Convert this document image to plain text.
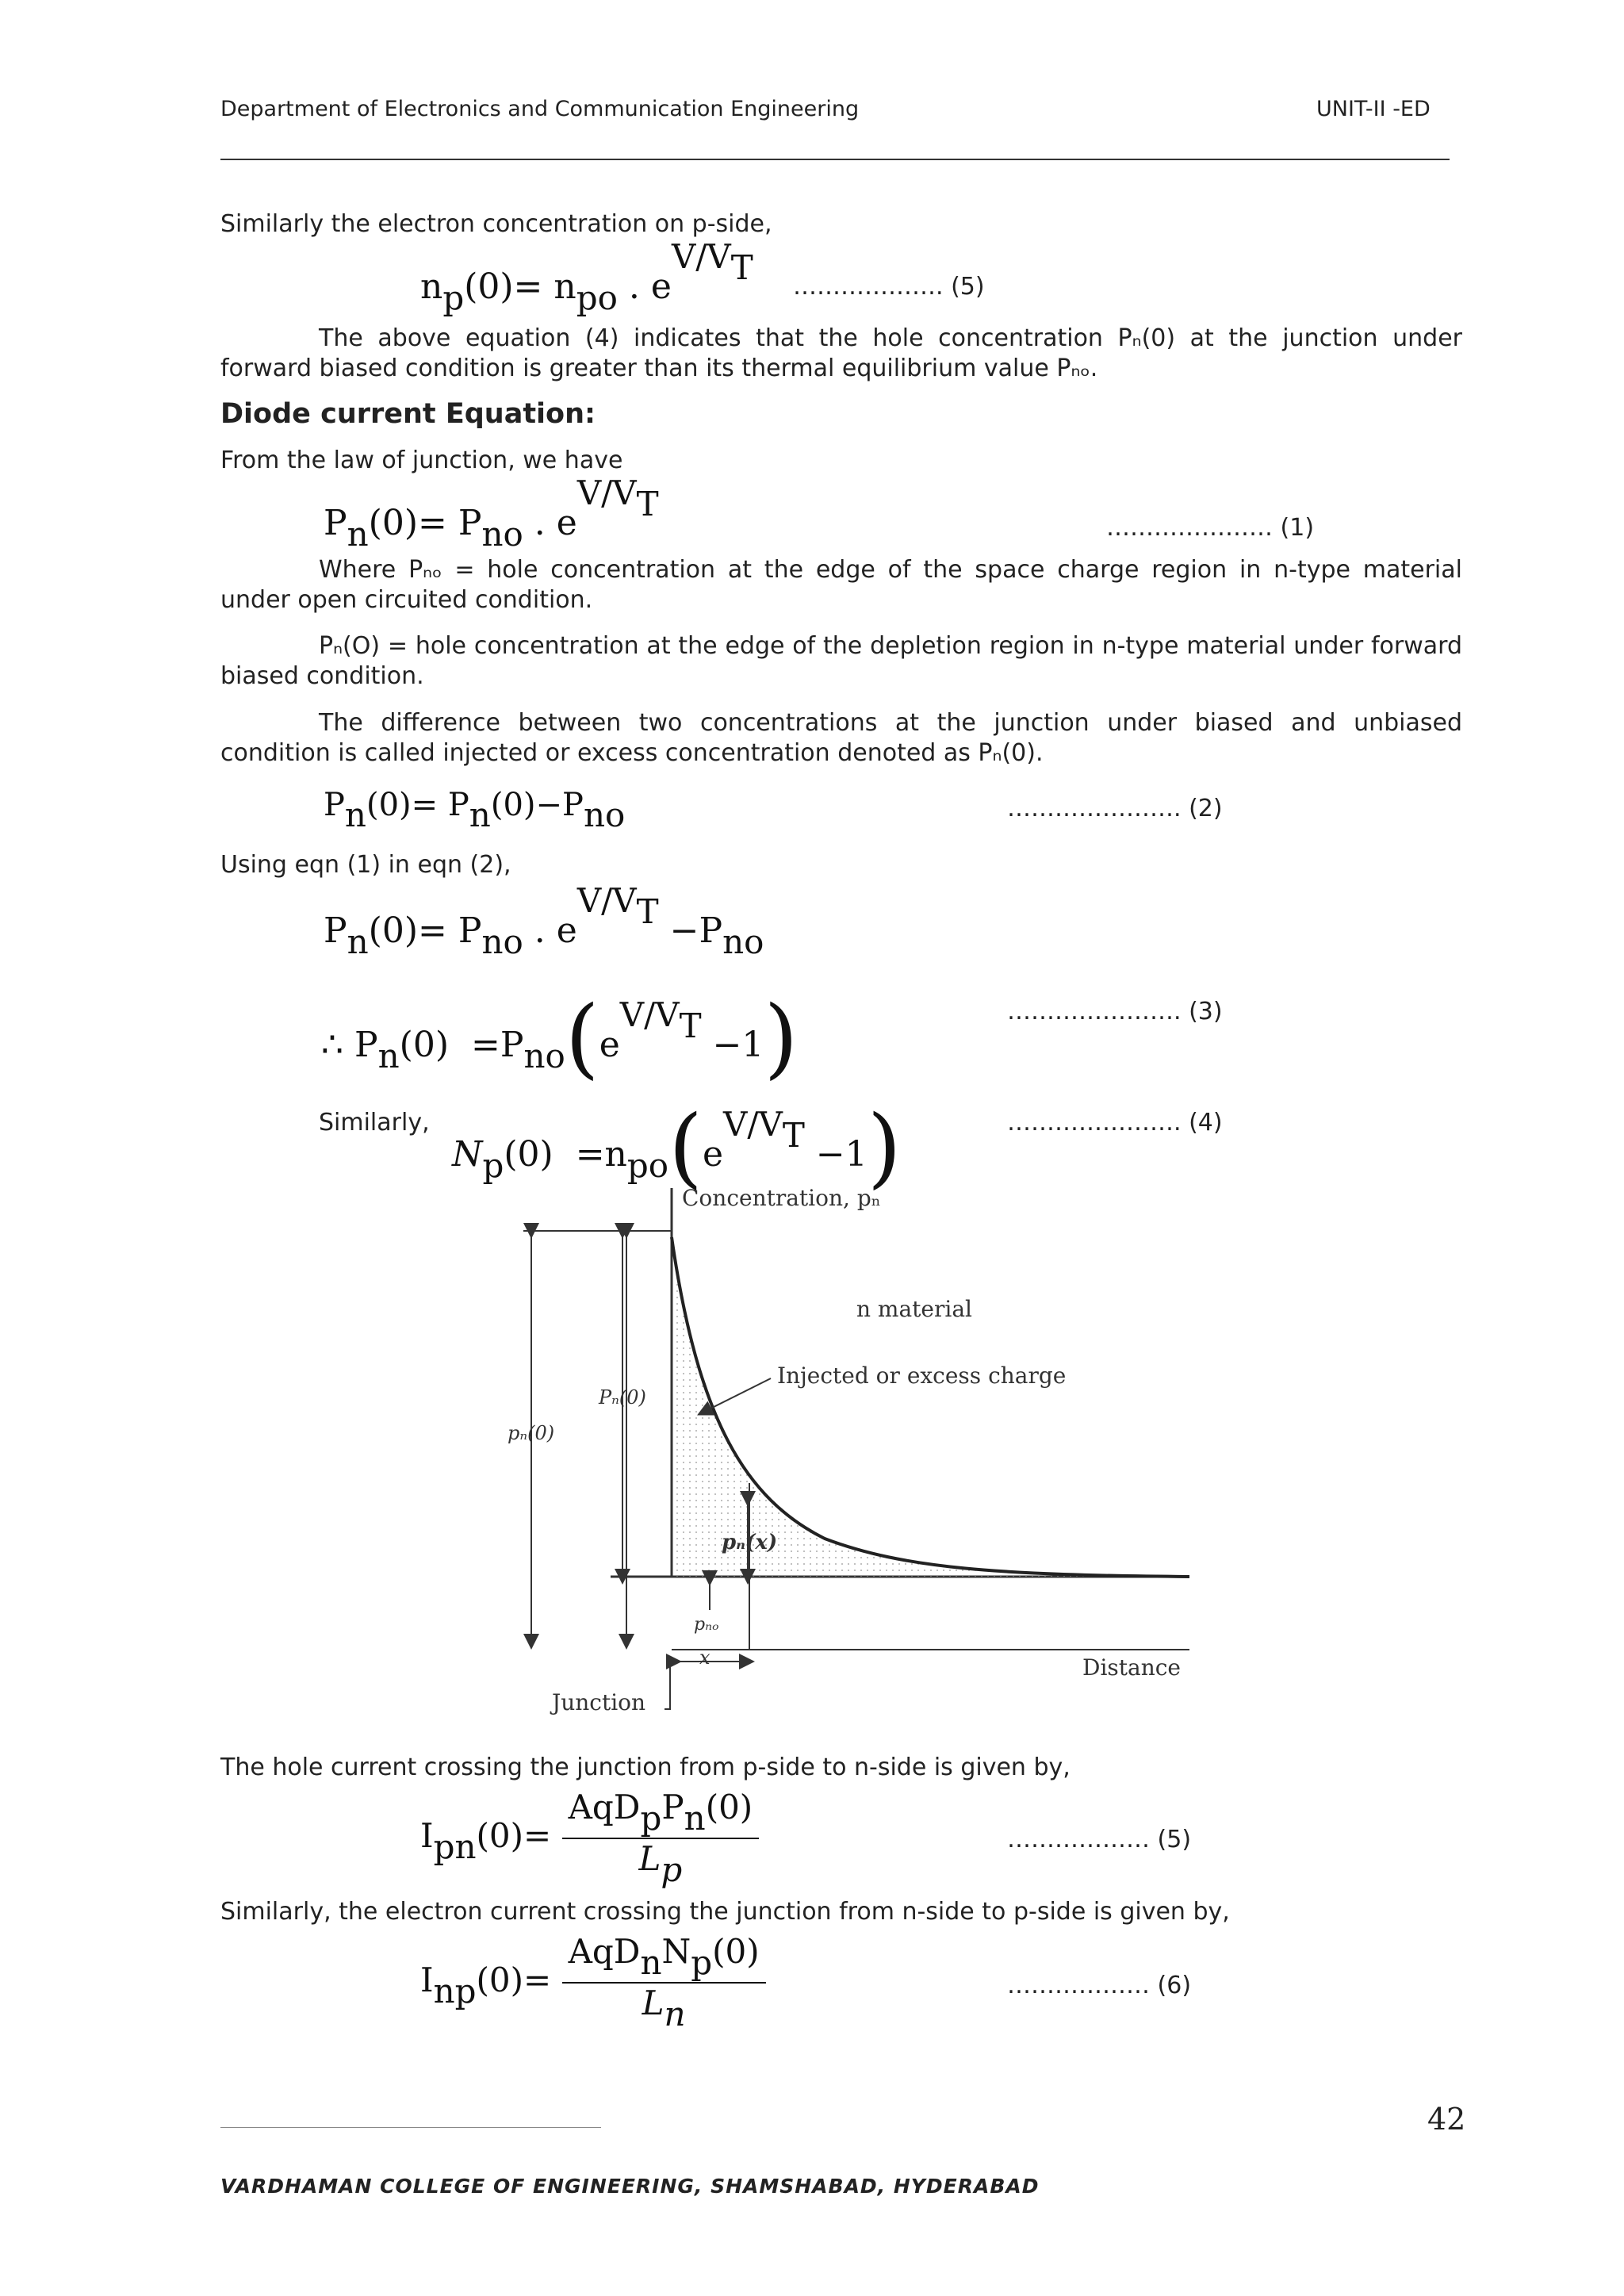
Department of Electronics and Communication Engineering	UNIT-II -ED
Similarly the electron concentration on p-side,
$n_p(0)= n_{po}$ . $eV/V_T$ ………………. (5)
The above equation (4) indicates that the hole concentration Pₙ(0) at the junction under forward biased condition is greater than its thermal equilibrium value Pₙₒ.
Diode current Equation:
From the law of junction, we have
$P_n(0)= P_{no}$ . $eV/V_T$
………………… (1)
Where Pₙₒ = hole concentration at the edge of the space charge region in n-type material under open circuited condition.
Pₙ(O) = hole concentration at the edge of the depletion region in n-type material under forward biased condition.
The difference between two concentrations at the junction under biased and unbiased condition is called injected or excess concentration denoted as Pₙ(0).
$P_n(0)= P_n(0)-P_{no}$	…………………. (2)
Using eqn (1) in eqn (2),
$P_n(0)= P_{no}$ . $eV/V_T -P_{no}$
∴ $P_n(0) =P_{no}(eV/V_T -1)$	…………………. (3)
Similarly,
$N_p(0) =n_{po}(eV/V_T -1)$	…………………. (4)
Concentration, pₙ
n material
Injected or excess charge
Pₙ(0)
pₙ(0)
pₙ(x)
pₙₒ
x	Distance
Junction
The hole current crossing the junction from p-side to n-side is given by,
$I_{pn}(0)= \frac{AqD_pP_n(0)}{L_p}$	……………… (5)
Similarly, the electron current crossing the junction from n-side to p-side is given by,
$I_{np}(0)= \frac{AqD_nN_p(0)}{L_n}$	……………… (6)
42
VARDHAMAN COLLEGE OF ENGINEERING, SHAMSHABAD, HYDERABAD
